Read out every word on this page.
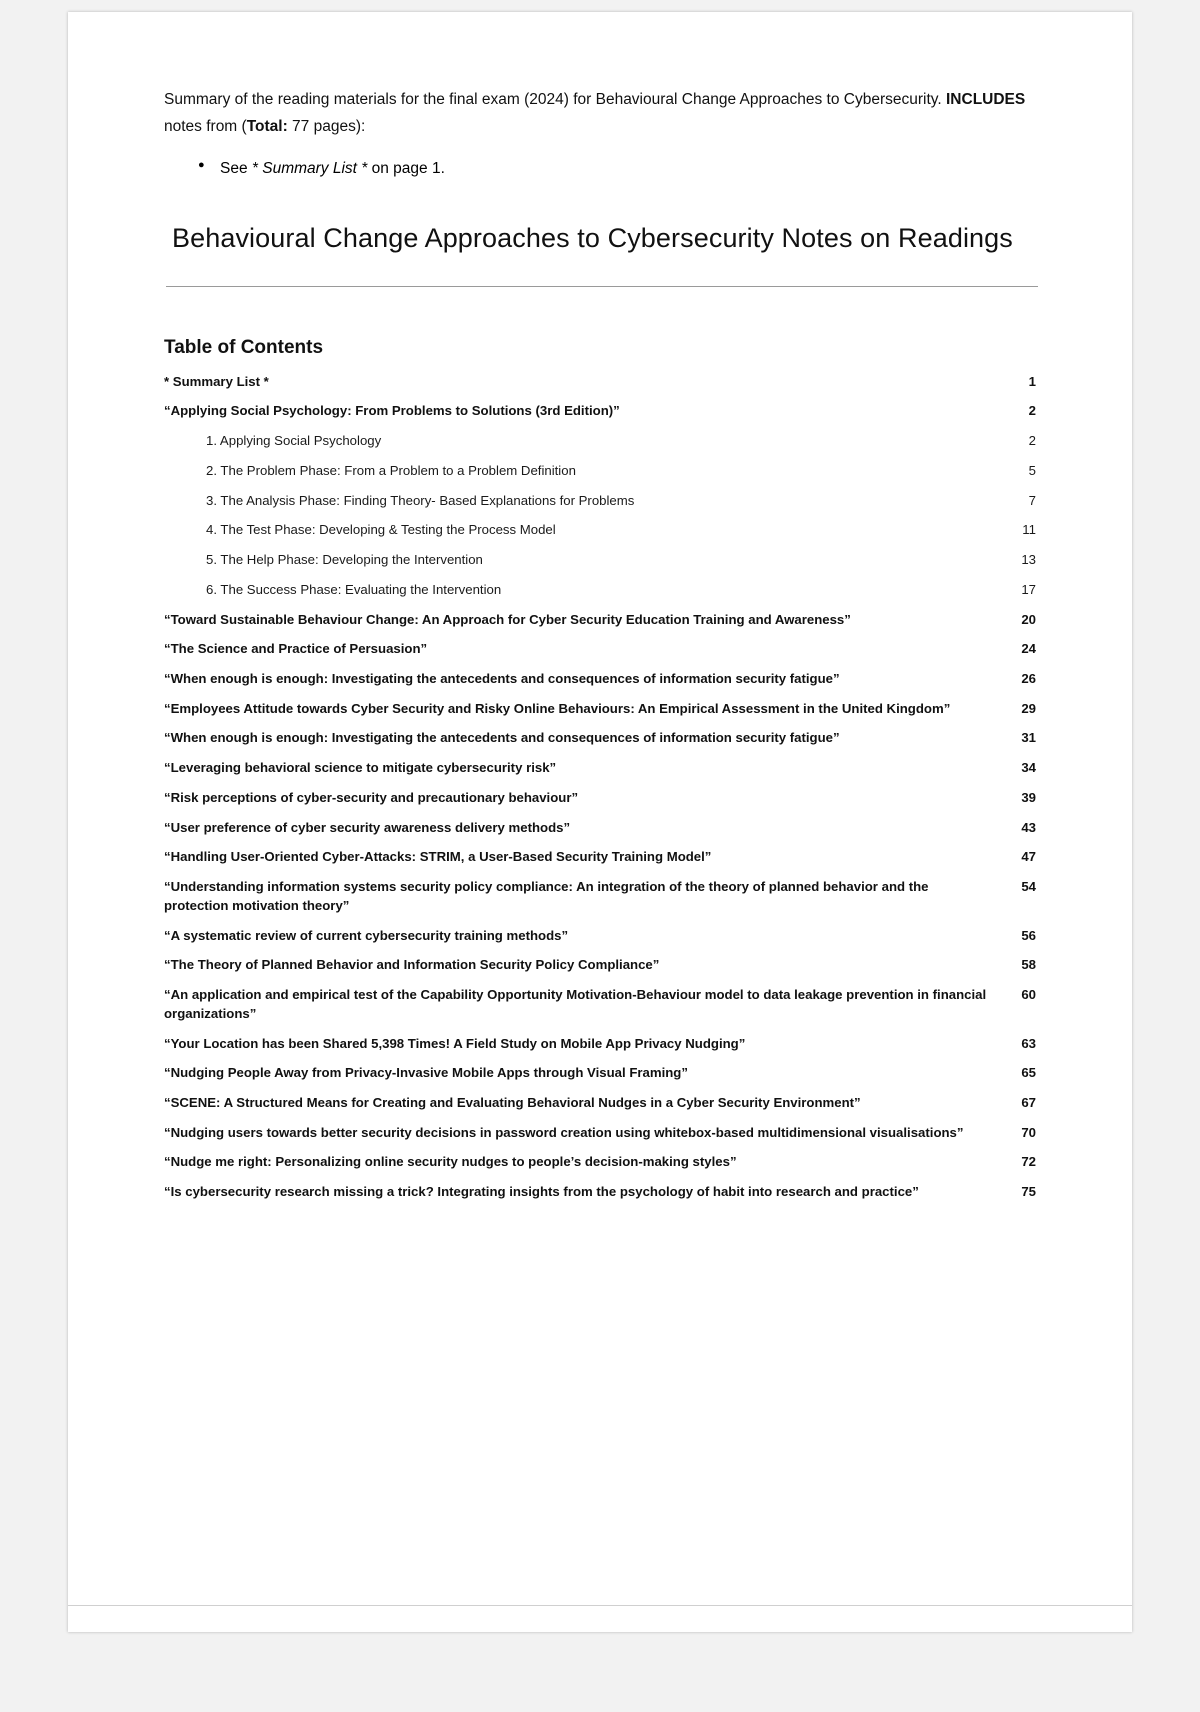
Summary of the reading materials for the final exam (2024) for Behavioural Change Approaches to Cybersecurity. INCLUDES notes from (Total: 77 pages):

● See * Summary List * on page 1.
Behavioural Change Approaches to Cybersecurity Notes on Readings
Table of Contents
* Summary List *	1
“Applying Social Psychology: From Problems to Solutions (3rd Edition)”	2
1. Applying Social Psychology	2
2. The Problem Phase: From a Problem to a Problem Definition	5
3. The Analysis Phase: Finding Theory- Based Explanations for Problems	7
4. The Test Phase: Developing & Testing the Process Model	11
5. The Help Phase: Developing the Intervention	13
6. The Success Phase: Evaluating the Intervention	17
“Toward Sustainable Behaviour Change: An Approach for Cyber Security Education Training and Awareness”	20
“The Science and Practice of Persuasion”	24
“When enough is enough: Investigating the antecedents and consequences of information security fatigue”	26
“Employees Attitude towards Cyber Security and Risky Online Behaviours: An Empirical Assessment in the United Kingdom”	29
“When enough is enough: Investigating the antecedents and consequences of information security fatigue”	31
“Leveraging behavioral science to mitigate cybersecurity risk”	34
“Risk perceptions of cyber-security and precautionary behaviour”	39
“User preference of cyber security awareness delivery methods”	43
“Handling User-Oriented Cyber-Attacks: STRIM, a User-Based Security Training Model”	47
“Understanding information systems security policy compliance: An integration of the theory of planned behavior and the protection motivation theory”	54
“A systematic review of current cybersecurity training methods”	56
“The Theory of Planned Behavior and Information Security Policy Compliance”	58
“An application and empirical test of the Capability Opportunity Motivation-Behaviour model to data leakage prevention in financial organizations”	60
“Your Location has been Shared 5,398 Times! A Field Study on Mobile App Privacy Nudging”	63
“Nudging People Away from Privacy-Invasive Mobile Apps through Visual Framing”	65
“SCENE: A Structured Means for Creating and Evaluating Behavioral Nudges in a Cyber Security Environment”	67
“Nudging users towards better security decisions in password creation using whitebox-based multidimensional visualisations”	70
“Nudge me right: Personalizing online security nudges to people’s decision-making styles”	72
“Is cybersecurity research missing a trick? Integrating insights from the psychology of habit into research and practice”	75
